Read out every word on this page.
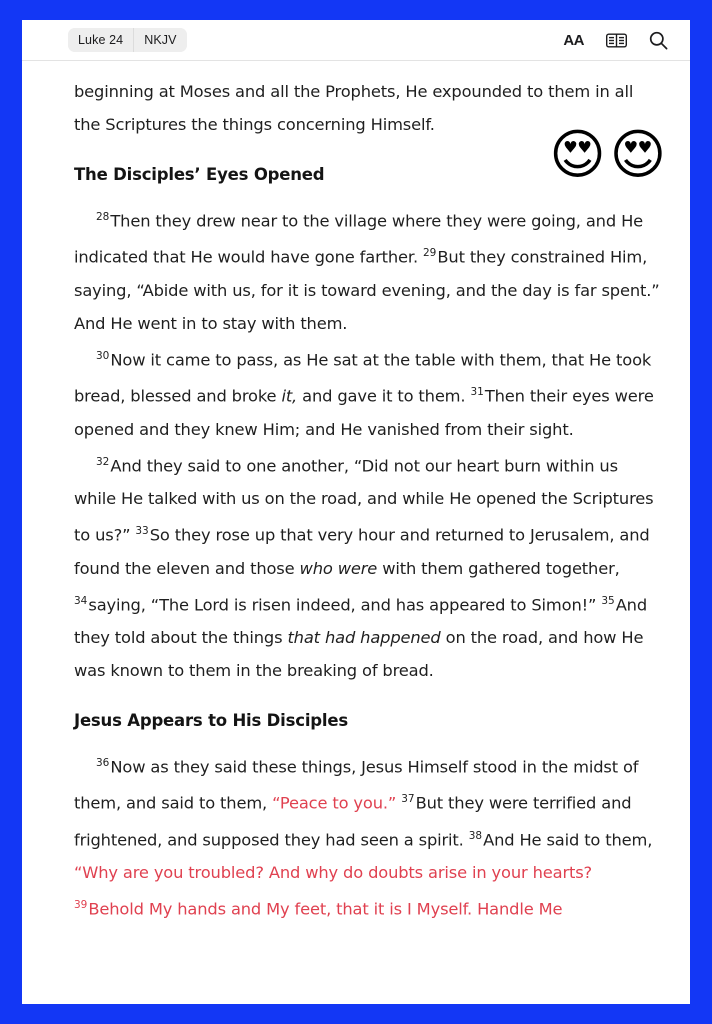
Luke 24	NKJV	AA

beginning at Moses and all the Prophets, He expounded to them in all the Scriptures the things concerning Himself.

The Disciples’ Eyes Opened

$^{28}$Then they drew near to the village where they were going, and He indicated that He would have gone farther. $^{29}$But they constrained Him, saying, “Abide with us, for it is toward evening, and the day is far spent.” And He went in to stay with them.

$^{30}$Now it came to pass, as He sat at the table with them, that He took bread, blessed and broke it, and gave it to them. $^{31}$Then their eyes were opened and they knew Him; and He vanished from their sight.

$^{32}$And they said to one another, “Did not our heart burn within us while He talked with us on the road, and while He opened the Scriptures to us?” $^{33}$So they rose up that very hour and returned to Jerusalem, and found the eleven and those who were with them gathered together, $^{34}$saying, “The Lord is risen indeed, and has appeared to Simon!” $^{35}$And they told about the things that had happened on the road, and how He was known to them in the breaking of bread.

Jesus Appears to His Disciples

$^{36}$Now as they said these things, Jesus Himself stood in the midst of them, and said to them, “Peace to you.” $^{37}$But they were terrified and frightened, and supposed they had seen a spirit. $^{38}$And He said to them, “Why are you troubled? And why do doubts arise in your hearts? $^{39}$Behold My hands and My feet, that it is I Myself. Handle Me

😍 😍
